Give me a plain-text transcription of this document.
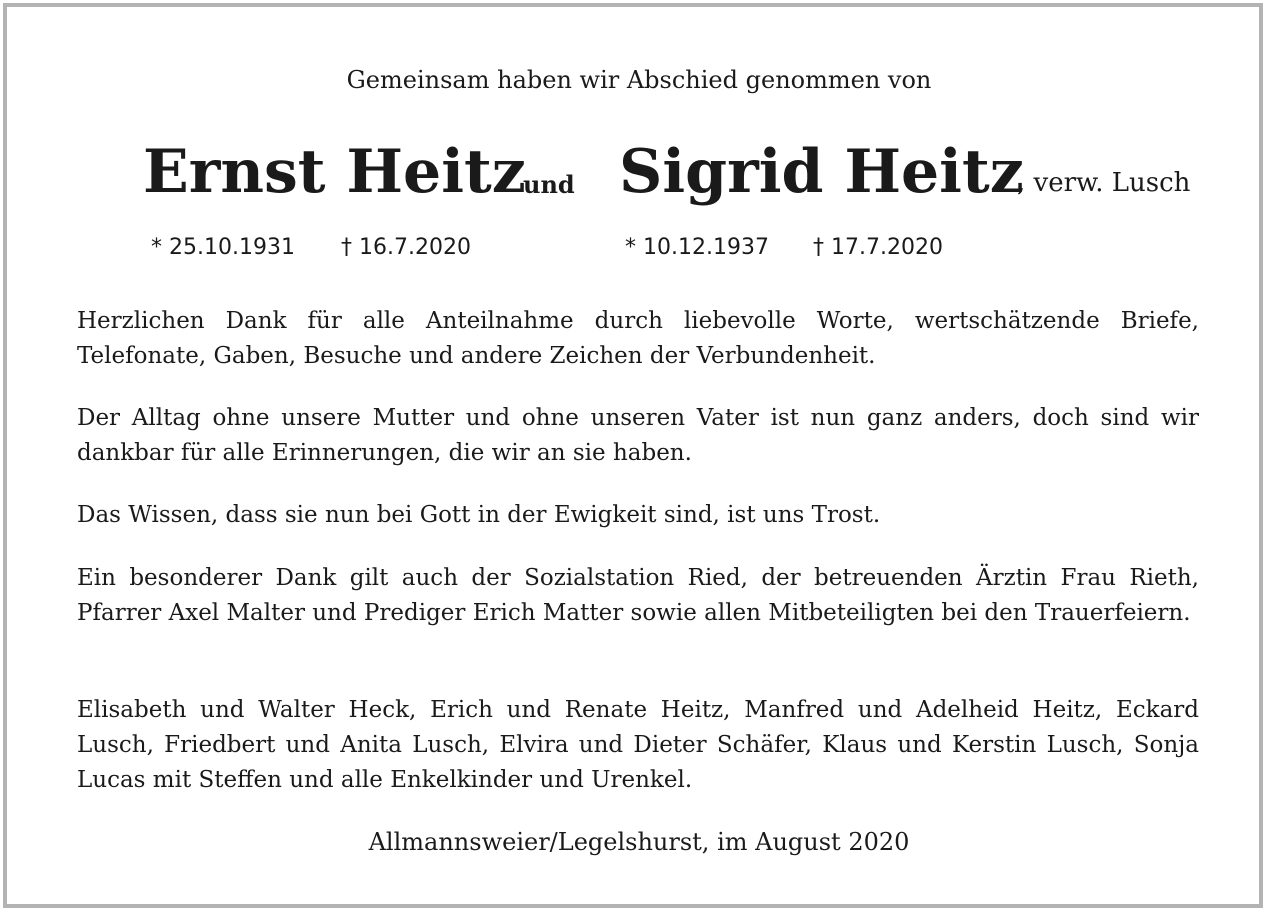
Gemeinsam haben wir Abschied genommen von
Ernst Heitz
und Sigrid Heitz
, verw. Lusch
* 25.10.1931 † 16.7.2020	* 10.12.1937 † 17.7.2020
Herzlichen Dank für alle Anteilnahme durch liebevolle Worte, wertschätzende Briefe, Telefonate, Gaben, Besuche und andere Zeichen der Verbundenheit.
Der Alltag ohne unsere Mutter und ohne unseren Vater ist nun ganz anders, doch sind wir dankbar für alle Erinnerungen, die wir an sie haben.
Das Wissen, dass sie nun bei Gott in der Ewigkeit sind, ist uns Trost.
Ein besonderer Dank gilt auch der Sozialstation Ried, der betreuenden Ärztin Frau Rieth, Pfarrer Axel Malter und Prediger Erich Matter sowie allen Mitbeteiligten bei den Trauerfeiern.
Elisabeth und Walter Heck, Erich und Renate Heitz, Manfred und Adelheid Heitz, Eckard Lusch, Friedbert und Anita Lusch, Elvira und Dieter Schäfer, Klaus und Kerstin Lusch, Sonja Lucas mit Steffen und alle Enkelkinder und Urenkel.
Allmannsweier/Legelshurst, im August 2020
